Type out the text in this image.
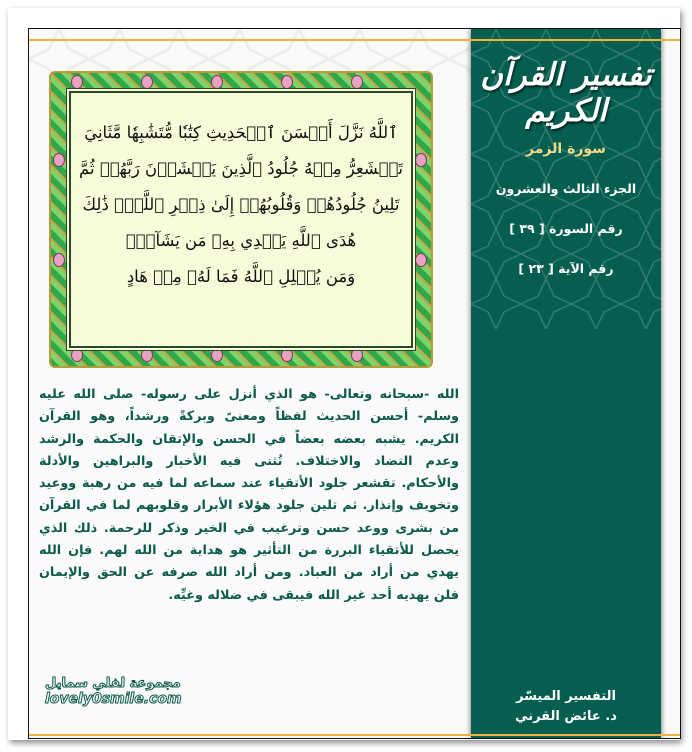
ٱللَّهُ نَزَّلَ أَحۡسَنَ ٱلۡحَدِيثِ كِتَٰبٗا مُّتَشَٰبِهٗا مَّثَانِيَ
تَقۡشَعِرُّ مِنۡهُ جُلُودُ ٱلَّذِينَ يَخۡشَوۡنَ رَبَّهُمۡ ثُمَّ
تَلِينُ جُلُودُهُمۡ وَقُلُوبُهُمۡ إِلَىٰ ذِكۡرِ ٱللَّهِۚ ذَٰلِكَ
هُدَى ٱللَّهِ يَهۡدِي بِهِۦ مَن يَشَآءُۚ
وَمَن يُضۡلِلِ ٱللَّهُ فَمَا لَهُۥ مِنۡ هَادٍ
الله -سبحانه وتعالى- هو الذي أنزل على رسوله- صلى الله عليه وسلم- أحسن الحديث لفظاً ومعنىً وبركةً ورشداً، وهو القرآن الكريم. يشبه بعضه بعضاً في الحسن والإتقان والحكمة والرشد وعدم التضاد والاختلاف. تُثنى فيه الأخبار والبراهين والأدلة والأحكام. تقشعر جلود الأتقياء عند سماعه لما فيه من رهبة ووعيد وتخويف وإنذار. ثم تلين جلود هؤلاء الأبرار وقلوبهم لما في القرآن من بشرى ووعد حسن وترغيب في الخير وذكر للرحمة. ذلك الذي يحصل للأتقياء البررة من التأثير هو هداية من الله لهم. فإن الله يهدي من أراد من العباد. ومن أراد الله صرفه عن الحق والإيمان فلن يهديه أحد غير الله فيبقى في ضلاله وغيِّه.
مجموعة لفلي سمايل
lovely0smile.com
تفسير القرآن الكريم
سورة الزمر
الجزء الثالث والعشرون
رقم السورة [ ٣٩ ]
رقم الآية [ ٢٣ ]
التفسير الميسّر
د. عائض القرني
